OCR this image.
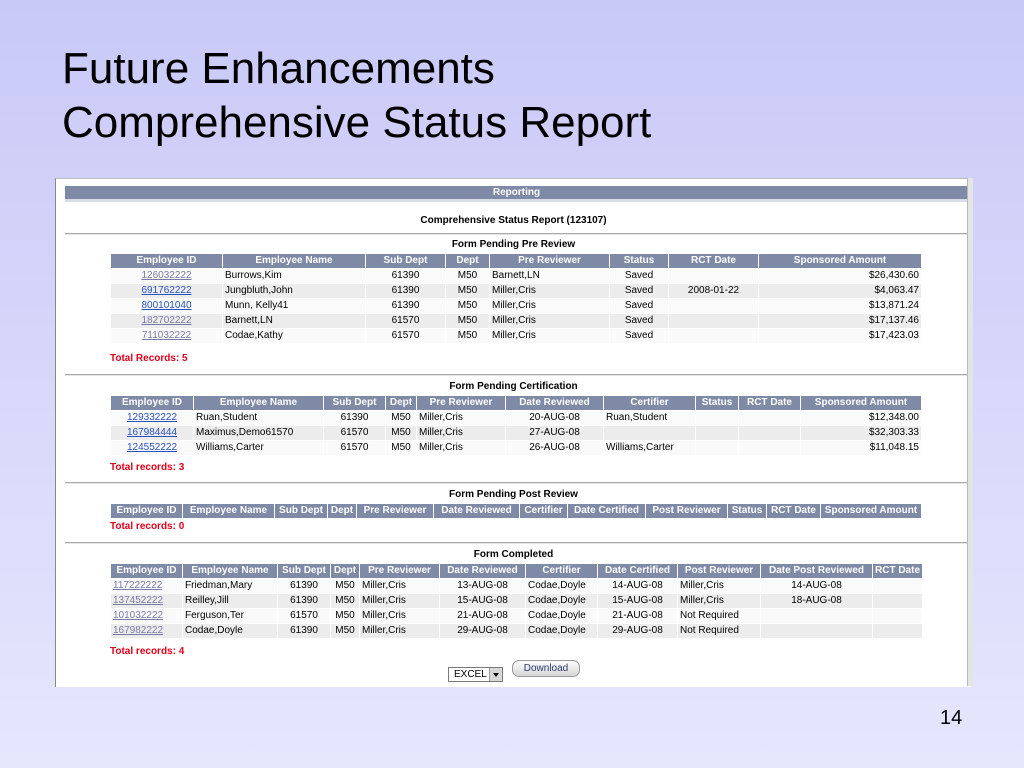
Future Enhancements
Comprehensive Status Report
Reporting
Comprehensive Status Report (123107)
Form Pending Pre Review
Employee ID	Employee Name	Sub Dept	Dept	Pre Reviewer	Status	RCT Date	Sponsored Amount
126032222	Burrows,Kim	61390	M50	Barnett,LN	Saved		$26,430.60
691762222	Jungbluth,John	61390	M50	Miller,Cris	Saved	2008-01-22	$4,063.47
800101040	Munn, Kelly41	61390	M50	Miller,Cris	Saved		$13,871.24
182702222	Barnett,LN	61570	M50	Miller,Cris	Saved		$17,137.46
711032222	Codae,Kathy	61570	M50	Miller,Cris	Saved		$17,423.03
Total Records: 5
Form Pending Certification
Employee ID	Employee Name	Sub Dept	Dept	Pre Reviewer	Date Reviewed	Certifier	Status	RCT Date	Sponsored Amount
129332222	Ruan,Student	61390	M50	Miller,Cris	20-AUG-08	Ruan,Student			$12,348.00
167984444	Maximus,Demo61570	61570	M50	Miller,Cris	27-AUG-08				$32,303.33
124552222	Williams,Carter	61570	M50	Miller,Cris	26-AUG-08	Williams,Carter			$11,048.15
Total records: 3
Form Pending Post Review
Employee ID	Employee Name	Sub Dept	Dept	Pre Reviewer	Date Reviewed	Certifier	Date Certified	Post Reviewer	Status	RCT Date	Sponsored Amount
Total records: 0
Form Completed
Employee ID	Employee Name	Sub Dept	Dept	Pre Reviewer	Date Reviewed	Certifier	Date Certified	Post Reviewer	Date Post Reviewed	RCT Date
117222222	Friedman,Mary	61390	M50	Miller,Cris	13-AUG-08	Codae,Doyle	14-AUG-08	Miller,Cris	14-AUG-08	
137452222	Reilley,Jill	61390	M50	Miller,Cris	15-AUG-08	Codae,Doyle	15-AUG-08	Miller,Cris	18-AUG-08	
101032222	Ferguson,Ter	61570	M50	Miller,Cris	21-AUG-08	Codae,Doyle	21-AUG-08	Not Required		
167982222	Codae,Doyle	61390	M50	Miller,Cris	29-AUG-08	Codae,Doyle	29-AUG-08	Not Required		
Total records: 4
EXCEL
Download
14
